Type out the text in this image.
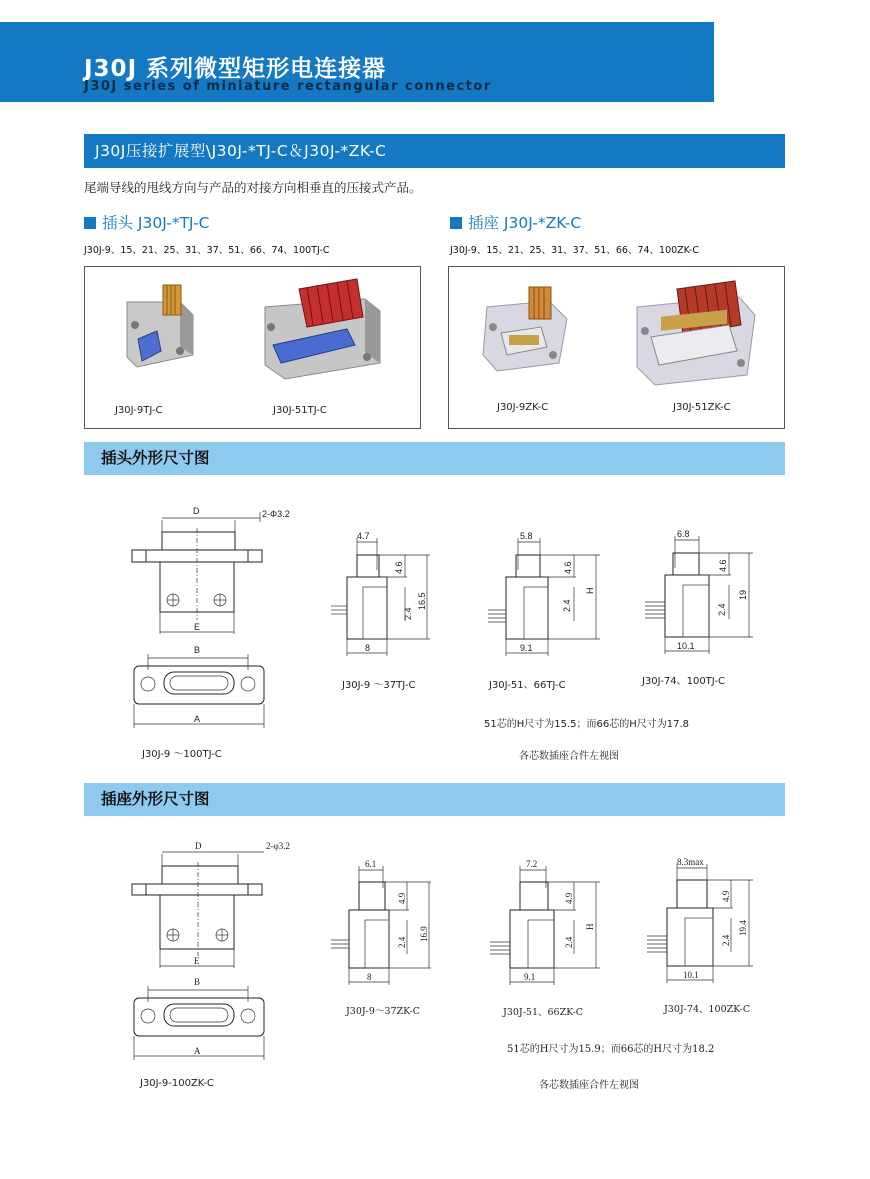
J30J 系列微型矩形电连接器
J30J series of miniature rectangular connector
J30J压接扩展型\J30J-*TJ-C＆J30J-*ZK-C
尾端导线的甩线方向与产品的对接方向相垂直的压接式产品。
插头 J30J-*TJ-C
J30J-9、15、21、25、31、37、51、66、74、100TJ-C
插座 J30J-*ZK-C
J30J-9、15、21、25、31、37、51、66、74、100ZK-C
J30J-9TJ-C	J30J-51TJ-C	J30J-9ZK-C	J30J-51ZK-C
插头外形尺寸图
D	2-Φ3.2
E
B
A
J30J-9 ～100TJ-C
4.7
4.6
2.4
16.5
8
J30J-9 ～37TJ-C
5.8
4.6
2.4
H
9.1
J30J-51、66TJ-C
6.8
4.6
2.4
19
10.1
J30J-74、100TJ-C
51芯的H尺寸为15.5；而66芯的H尺寸为17.8
各芯数插座合件左视图
插座外形尺寸图
D	2-φ3.2
E
B
A
J30J-9-100ZK-C
6.1
4.9
2.4
16.9
8
J30J-9～37ZK-C
7.2
4.9
2.4
H
9.1
J30J-51、66ZK-C
8.3max
4.9
2.4
19.4
10.1
J30J-74、100ZK-C
51芯的H尺寸为15.9；而66芯的H尺寸为18.2
各芯数插座合件左视图
